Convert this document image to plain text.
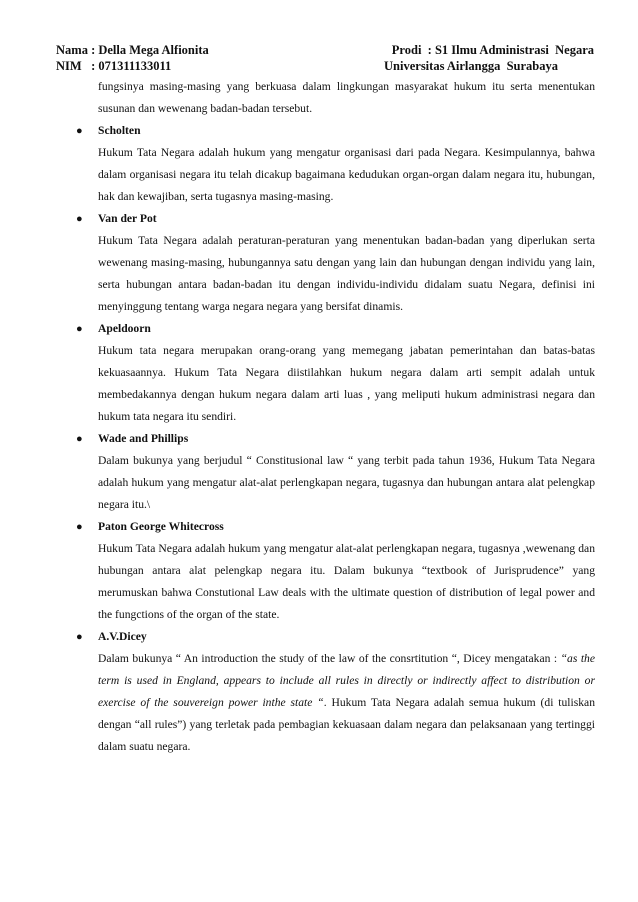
Nama : Della Mega Alfionita	Prodi  : S1 Ilmu Administrasi  Negara
NIM   : 071311133011	Universitas Airlangga  Surabaya

fungsinya masing-masing yang berkuasa dalam lingkungan masyarakat hukum itu serta menentukan susunan dan wewenang badan-badan tersebut.

● Scholten

Hukum Tata Negara adalah hukum yang mengatur organisasi dari pada Negara. Kesimpulannya, bahwa dalam organisasi negara itu telah dicakup bagaimana kedudukan organ-organ dalam negara itu, hubungan, hak dan kewajiban, serta tugasnya masing-masing.

● Van der Pot

Hukum Tata Negara adalah peraturan-peraturan yang menentukan badan-badan yang diperlukan serta wewenang masing-masing, hubungannya satu dengan yang lain dan hubungan dengan individu yang lain, serta hubungan antara badan-badan itu dengan individu-individu didalam suatu Negara, definisi ini menyinggung tentang warga negara negara yang bersifat dinamis.

● Apeldoorn

Hukum tata negara merupakan orang-orang yang memegang jabatan pemerintahan dan batas-batas kekuasaannya. Hukum Tata Negara diistilahkan hukum negara dalam arti sempit adalah untuk membedakannya dengan hukum negara dalam arti luas , yang meliputi hukum administrasi negara dan hukum tata negara itu sendiri.

● Wade and Phillips

Dalam bukunya yang berjudul “ Constitusional law “ yang terbit pada tahun 1936, Hukum Tata Negara adalah hukum yang mengatur alat-alat perlengkapan negara, tugasnya dan hubungan antara alat pelengkap negara itu.\

● Paton George Whitecross

Hukum Tata Negara adalah hukum yang mengatur alat-alat perlengkapan negara, tugasnya ,wewenang dan hubungan antara alat pelengkap negara itu. Dalam bukunya “textbook of Jurisprudence” yang merumuskan bahwa Constutional Law deals with the ultimate question of distribution of legal power and the fungctions of the organ of the state.

● A.V.Dicey

Dalam bukunya “ An introduction the study of the law of the consrtitution “, Dicey mengatakan : “as the term is used in England, appears to include all rules in directly or indirectly affect to distribution or exercise of the souvereign power inthe state “. Hukum Tata Negara adalah semua hukum (di tuliskan dengan “all rules”) yang terletak pada pembagian kekuasaan dalam negara dan pelaksanaan yang tertinggi dalam suatu negara.
